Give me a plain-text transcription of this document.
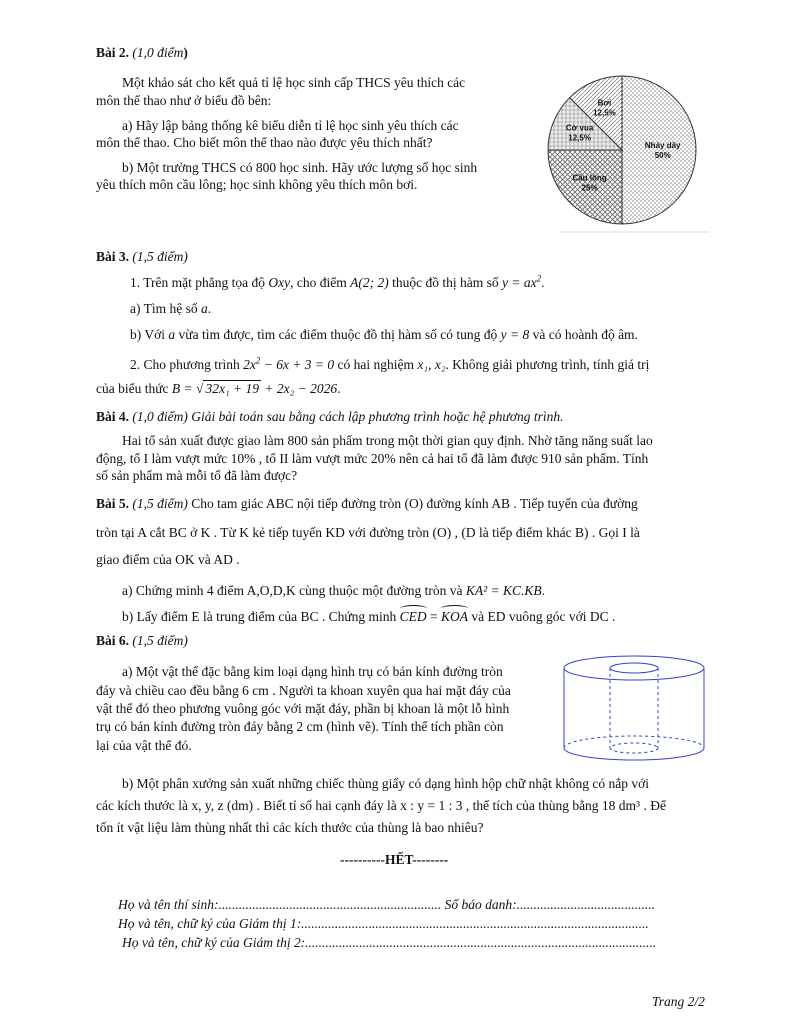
Bài 2. (1,0 điểm)
Một khảo sát cho kết quả tỉ lệ học sinh cấp THCS yêu thích các
môn thể thao như ở biểu đồ bên:
a) Hãy lập bảng thống kê biểu diễn tỉ lệ học sinh yêu thích các
môn thể thao. Cho biết môn thể thao nào được yêu thích nhất?
b) Một trường THCS có 800 học sinh. Hãy ước lượng số học sinh
yêu thích môn cầu lông; học sinh không yêu thích môn bơi.
Nhảy dây
50%
Cầu lông
25%
Cờ vua
12,5%
Bơi
12,5%
Bài 3. (1,5 điểm)
1. Trên mặt phẳng tọa độ Oxy, cho điểm A(2; 2) thuộc đồ thị hàm số $y = ax^2$.
a) Tìm hệ số a.
b) Với a vừa tìm được, tìm các điểm thuộc đồ thị hàm số có tung độ y = 8 và có hoành độ âm.
2. Cho phương trình $2x^2 - 6x + 3 = 0$ có hai nghiệm x₁, x₂. Không giải phương trình, tính giá trị
của biểu thức B = √ 32x₁ + 19 + 2x₂ − 2026.
Bài 4. (1,0 điểm) Giải bài toán sau bằng cách lập phương trình hoặc hệ phương trình.
Hai tổ sản xuất được giao làm 800 sản phẩm trong một thời gian quy định. Nhờ tăng năng suất lao
động, tổ I làm vượt mức 10% , tổ II làm vượt mức 20% nên cả hai tổ đã làm được 910 sản phẩm. Tính
số sản phẩm mà mỗi tổ đã làm được?
Bài 5. (1,5 điểm) Cho tam giác ABC nội tiếp đường tròn (O) đường kính AB . Tiếp tuyến của đường
tròn tại A cắt BC ở K . Từ K kẻ tiếp tuyến KD với đường tròn (O) , (D là tiếp điểm khác B) . Gọi I là
giao điểm của OK và AD .
a) Chứng minh 4 điểm A,O,D,K cùng thuộc một đường tròn và KA² = KC.KB.
b) Lấy điểm E là trung điểm của BC . Chứng minh CED = KOA và ED vuông góc với DC .
Bài 6. (1,5 điểm)
a) Một vật thể đặc bằng kim loại dạng hình trụ có bán kính đường tròn
đáy và chiều cao đều bằng 6 cm . Người ta khoan xuyên qua hai mặt đáy của
vật thể đó theo phương vuông góc với mặt đáy, phần bị khoan là một lỗ hình
trụ có bán kính đường tròn đáy bằng 2 cm (hình vẽ). Tính thể tích phần còn
lại của vật thể đó.
b) Một phân xưởng sản xuất những chiếc thùng giấy có dạng hình hộp chữ nhật không có nắp với
các kích thước là x, y, z (dm) . Biết tỉ số hai cạnh đáy là x : y = 1 : 3 , thể tích của thùng bằng 18 dm³ . Để
tốn ít vật liệu làm thùng nhất thì các kích thước của thùng là bao nhiêu?
----------HẾT--------
Họ và tên thí sinh:.................................................................. Số báo danh:.........................................
Họ và tên, chữ ký của Giám thị 1:.......................................................................................................
Họ và tên, chữ ký của Giám thị 2:........................................................................................................
Trang 2/2
